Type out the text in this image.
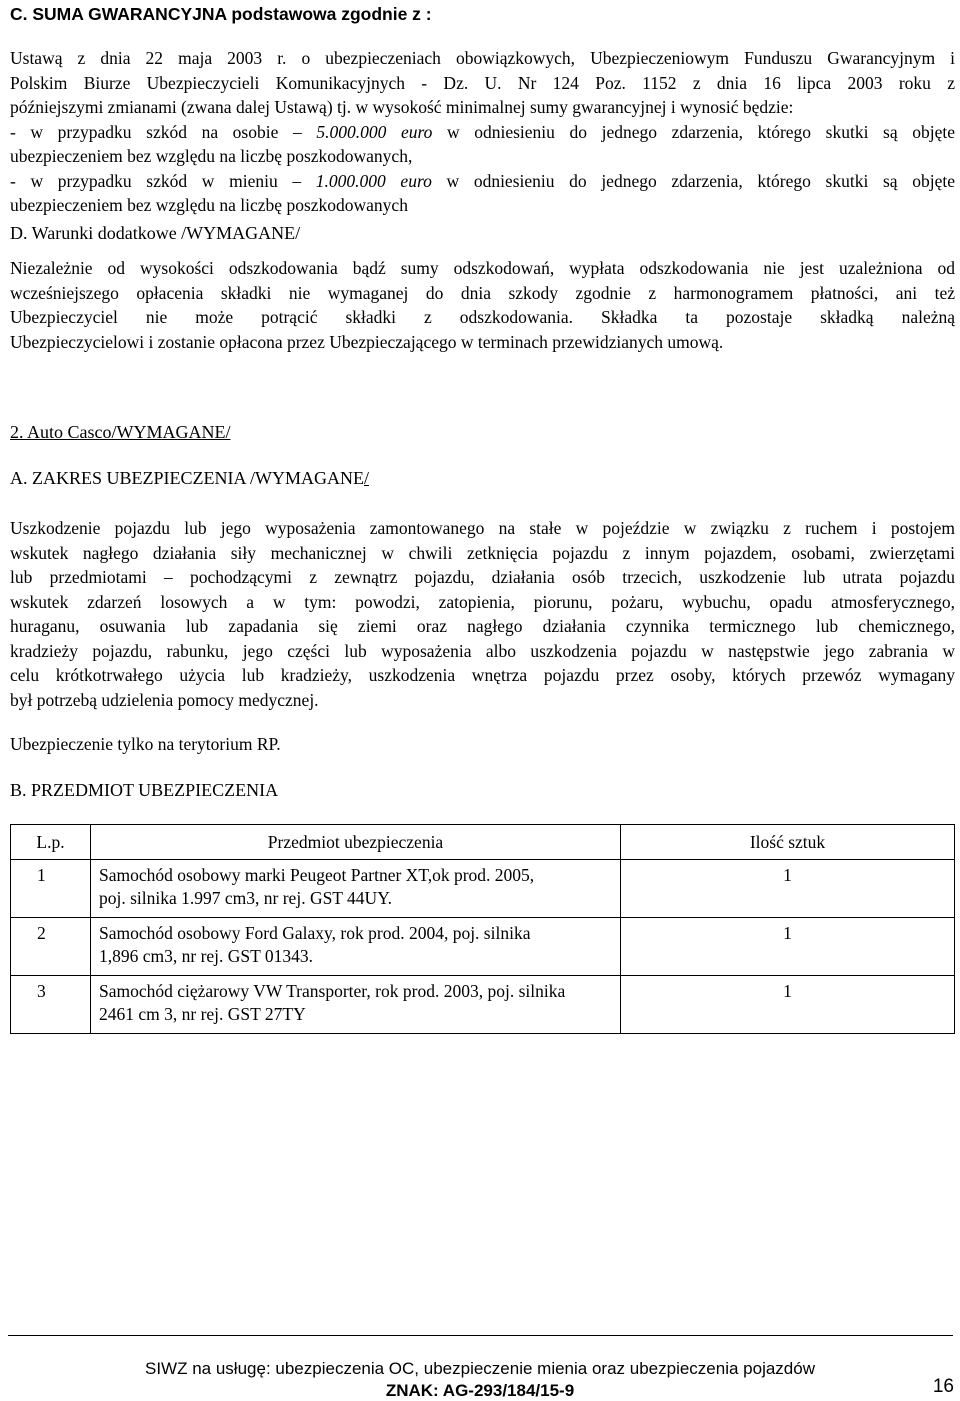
C. SUMA GWARANCYJNA podstawowa zgodnie z :
Ustawą z dnia 22 maja 2003 r. o ubezpieczeniach obowiązkowych, Ubezpieczeniowym Funduszu Gwarancyjnym i
Polskim Biurze Ubezpieczycieli Komunikacyjnych - Dz. U. Nr 124 Poz. 1152 z dnia 16 lipca 2003 roku z
późniejszymi zmianami (zwana dalej Ustawą) tj. w wysokość minimalnej sumy gwarancyjnej i wynosić będzie:
- w przypadku szkód na osobie – 5.000.000 euro w odniesieniu do jednego zdarzenia, którego skutki są objęte
ubezpieczeniem bez względu na liczbę poszkodowanych,
- w przypadku szkód w mieniu – 1.000.000 euro w odniesieniu do jednego zdarzenia, którego skutki są objęte
ubezpieczeniem bez względu na liczbę poszkodowanych
D. Warunki dodatkowe /WYMAGANE/
Niezależnie od wysokości odszkodowania bądź sumy odszkodowań, wypłata odszkodowania nie jest uzależniona od
wcześniejszego opłacenia składki nie wymaganej do dnia szkody zgodnie z harmonogramem płatności, ani też
Ubezpieczyciel nie może potrącić składki z odszkodowania. Składka ta pozostaje składką należną
Ubezpieczycielowi i zostanie opłacona przez Ubezpieczającego w terminach przewidzianych umową.
2. Auto Casco/WYMAGANE/
A. ZAKRES UBEZPIECZENIA /WYMAGANE/
Uszkodzenie pojazdu lub jego wyposażenia zamontowanego na stałe w pojeździe w związku z ruchem i postojem
wskutek nagłego działania siły mechanicznej w chwili zetknięcia pojazdu z innym pojazdem, osobami, zwierzętami
lub przedmiotami – pochodzącymi z zewnątrz pojazdu, działania osób trzecich, uszkodzenie lub utrata pojazdu
wskutek zdarzeń losowych a w tym: powodzi, zatopienia, piorunu, pożaru, wybuchu, opadu atmosferycznego,
huraganu, osuwania lub zapadania się ziemi oraz nagłego działania czynnika termicznego lub chemicznego,
kradzieży pojazdu, rabunku, jego części lub wyposażenia albo uszkodzenia pojazdu w następstwie jego zabrania w
celu krótkotrwałego użycia lub kradzieży, uszkodzenia wnętrza pojazdu przez osoby, których przewóz wymagany
był potrzebą udzielenia pomocy medycznej.
Ubezpieczenie tylko na terytorium RP.
B. PRZEDMIOT UBEZPIECZENIA
L.p.	Przedmiot ubezpieczenia	Ilość sztuk
1	Samochód osobowy marki Peugeot Partner XT,ok prod. 2005,
poj. silnika 1.997 cm3, nr rej. GST 44UY.	1
2	Samochód osobowy Ford Galaxy, rok prod. 2004, poj. silnika
1,896 cm3, nr rej. GST 01343.	1
3	Samochód ciężarowy VW Transporter, rok prod. 2003, poj. silnika
2461 cm 3, nr rej. GST 27TY	1
SIWZ na usługę: ubezpieczenia OC, ubezpieczenie mienia oraz ubezpieczenia pojazdów
ZNAK: AG-293/184/15-9	16
